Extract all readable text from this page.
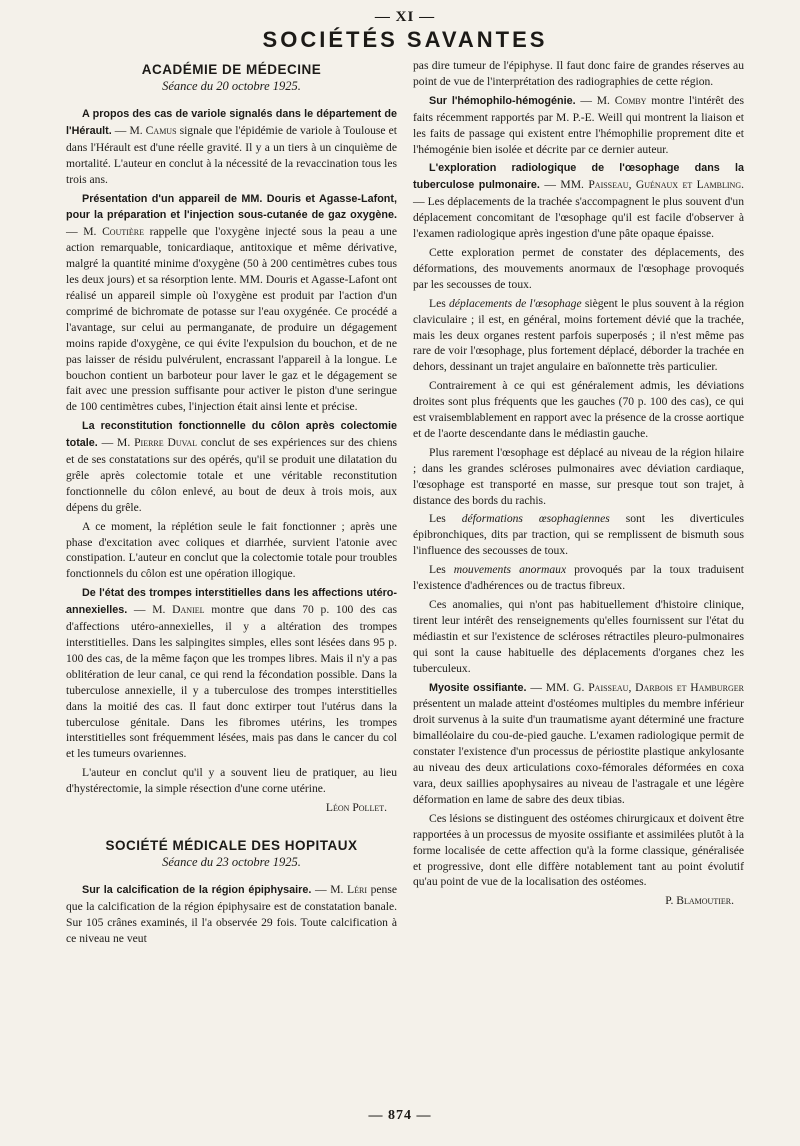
— XI —
SOCIÉTÉS SAVANTES
ACADÉMIE DE MÉDECINE
Séance du 20 octobre 1925.

A propos des cas de variole signalés dans le département de l'Hérault. — M. Camus signale que l'épidémie de variole à Toulouse et dans l'Hérault est d'une réelle gravité. Il y a un tiers à un cinquième de mortalité. L'auteur en conclut à la nécessité de la revaccination tous les trois ans.

Présentation d'un appareil de MM. Douris et Agasse-Lafont, pour la préparation et l'injection sous-cutanée de gaz oxygène. — M. Coutière rappelle que l'oxygène injecté sous la peau a une action remarquable, tonicardiaque, antitoxique et même dérivative, malgré la quantité minime d'oxygène (50 à 200 centimètres cubes tous les deux jours) et sa résorption lente. MM. Douris et Agasse-Lafont ont réalisé un appareil simple où l'oxygène est produit par l'action d'un comprimé de bichromate de potasse sur l'eau oxygénée. Ce procédé a l'avantage, sur celui au permanganate, de produire un dégagement moins rapide d'oxygène, ce qui évite l'expulsion du bouchon, et de ne pas laisser de résidu pulvérulent, encrassant l'appareil à la longue. Le bouchon contient un barboteur pour laver le gaz et le dégagement se fait avec une pression suffisante pour activer le piston d'une seringue de 100 centimètres cubes, l'injection était ainsi lente et précise.

La reconstitution fonctionnelle du côlon après colectomie totale. — M. Pierre Duval conclut de ses expériences sur des chiens et de ses constatations sur des opérés, qu'il se produit une dilatation du grêle après colectomie totale et une véritable reconstitution fonctionnelle du côlon enlevé, au bout de deux à trois mois, aux dépens du grêle.

A ce moment, la réplétion seule le fait fonctionner ; après une phase d'excitation avec coliques et diarrhée, survient l'atonie avec constipation. L'auteur en conclut que la colectomie totale pour troubles fonctionnels du côlon est une opération illogique.

De l'état des trompes interstitielles dans les affections utéro-annexielles. — M. Daniel montre que dans 70 p. 100 des cas d'affections utéro-annexielles, il y a altération des trompes interstitielles. Dans les salpingites simples, elles sont lésées dans 95 p. 100 des cas, de la même façon que les trompes libres. Mais il n'y a pas oblitération de leur canal, ce qui rend la fécondation possible. Dans la tuberculose annexielle, il y a tuberculose des trompes interstitielles dans la moitié des cas. Il faut donc extirper tout l'utérus dans la tuberculose génitale. Dans les fibromes utérins, les trompes interstitielles sont fréquemment lésées, mais pas dans le cancer du col et les tumeurs ovariennes.

L'auteur en conclut qu'il y a souvent lieu de pratiquer, au lieu d'hystérectomie, la simple résection d'une corne utérine.

Léon Pollet.
SOCIÉTÉ MÉDICALE DES HOPITAUX
Séance du 23 octobre 1925.

Sur la calcification de la région épiphysaire. — M. Léri pense que la calcification de la région épiphysaire est de constatation banale. Sur 105 crânes examinés, il l'a observée 29 fois. Toute calcification à ce niveau ne veut

pas dire tumeur de l'épiphyse. Il faut donc faire de grandes réserves au point de vue de l'interprétation des radiographies de cette région.

Sur l'hémophilo-hémogénie. — M. Comby montre l'intérêt des faits récemment rapportés par M. P.-E. Weill qui montrent la liaison et les faits de passage qui existent entre l'hémophilie proprement dite et l'hémogénie bien isolée et décrite par ce dernier auteur.

L'exploration radiologique de l'œsophage dans la tuberculose pulmonaire. — MM. Paisseau, Guénaux et Lambling. — Les déplacements de la trachée s'accompagnent le plus souvent d'un déplacement concomitant de l'œsophage qu'il est facile d'observer à l'examen radiologique après ingestion d'une pâte opaque épaisse.

Cette exploration permet de constater des déplacements, des déformations, des mouvements anormaux de l'œsophage provoqués par les secousses de toux.

Les déplacements de l'œsophage siègent le plus souvent à la région claviculaire ; il est, en général, moins fortement dévié que la trachée, mais les deux organes restent parfois superposés ; il n'est même pas rare de voir l'œsophage, plus fortement déplacé, déborder la trachée en dehors, dessinant un trajet angulaire en baïonnette très particulier.

Contrairement à ce qui est généralement admis, les déviations droites sont plus fréquents que les gauches (70 p. 100 des cas), ce qui est vraisemblablement en rapport avec la présence de la crosse aortique et de l'aorte descendante dans le médiastin gauche.

Plus rarement l'œsophage est déplacé au niveau de la région hilaire ; dans les grandes scléroses pulmonaires avec déviation cardiaque, l'œsophage est transporté en masse, sur presque tout son trajet, à distance des bords du rachis.

Les déformations œsophagiennes sont les diverticules épibronchiques, dits par traction, qui se remplissent de bismuth sous l'influence des secousses de toux.

Les mouvements anormaux provoqués par la toux traduisent l'existence d'adhérences ou de tractus fibreux.

Ces anomalies, qui n'ont pas habituellement d'histoire clinique, tirent leur intérêt des renseignements qu'elles fournissent sur l'état du médiastin et sur l'existence de scléroses rétractiles pleuro-pulmonaires qui sont la cause habituelle des déplacements d'organes chez les tuberculeux.

Myosite ossifiante. — MM. G. Paisseau, Darbois et Hamburger présentent un malade atteint d'ostéomes multiples du membre inférieur droit survenus à la suite d'un traumatisme ayant déterminé une fracture bimalléolaire du cou-de-pied gauche. L'examen radiologique permit de constater l'existence d'un processus de périostite plastique ankylosante au niveau des deux articulations coxo-fémorales déformées en coxa vara, deux saillies apophysaires au niveau de l'astragale et une légère déformation en lame de sabre des deux tibias.

Ces lésions se distinguent des ostéomes chirurgicaux et doivent être rapportées à un processus de myosite ossifiante et assimilées plutôt à la forme localisée de cette affection qu'à la forme classique, généralisée et progressive, dont elle diffère notablement tant au point évolutif qu'au point de vue de la localisation des ostéomes.

P. Blamoutier.
— 874 —
